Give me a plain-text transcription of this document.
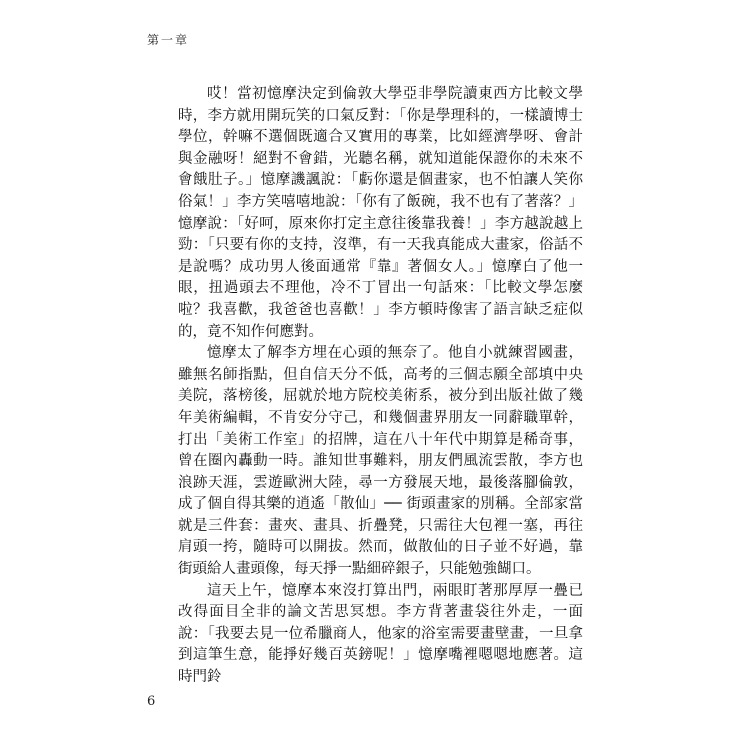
第一章

哎！當初憶摩決定到倫敦大學亞非學院讀東西方比較文學時，李方就用開玩笑的口氣反對：「你是學理科的，一樣讀博士學位，幹嘛不選個既適合又實用的專業，比如經濟學呀、會計與金融呀！絕對不會錯，光聽名稱，就知道能保證你的未來不會餓肚子。」憶摩譏諷說：「虧你還是個畫家，也不怕讓人笑你俗氣！」李方笑嘻嘻地說：「你有了飯碗，我不也有了著落？」憶摩說：「好呵，原來你打定主意往後靠我養！」李方越說越上勁：「只要有你的支持，沒準，有一天我真能成大畫家，俗話不是說嗎？成功男人後面通常『靠』著個女人。」憶摩白了他一眼，扭過頭去不理他，冷不丁冒出一句話來：「比較文學怎麼啦？我喜歡，我爸爸也喜歡！」李方頓時像害了語言缺乏症似的，竟不知作何應對。

憶摩太了解李方埋在心頭的無奈了。他自小就練習國畫，雖無名師指點，但自信天分不低，高考的三個志願全部填中央美院，落榜後，屈就於地方院校美術系，被分到出版社做了幾年美術編輯，不肯安分守己，和幾個畫界朋友一同辭職單幹，打出「美術工作室」的招牌，這在八十年代中期算是稀奇事，曾在圈內轟動一時。誰知世事難料，朋友們風流雲散，李方也浪跡天涯，雲遊歐洲大陸，尋一方發展天地，最後落腳倫敦，成了個自得其樂的逍遙「散仙」── 街頭畫家的別稱。全部家當就是三件套：畫夾、畫具、折疊凳，只需往大包裡一塞，再往肩頭一挎，隨時可以開拔。然而，做散仙的日子並不好過，靠街頭給人畫頭像，每天掙一點細碎銀子，只能勉強餬口。

這天上午，憶摩本來沒打算出門，兩眼盯著那厚厚一疊已改得面目全非的論文苦思冥想。李方背著畫袋往外走，一面說：「我要去見一位希臘商人，他家的浴室需要畫壁畫，一旦拿到這筆生意，能掙好幾百英鎊呢！」憶摩嘴裡嗯嗯地應著。這時門鈴

6
